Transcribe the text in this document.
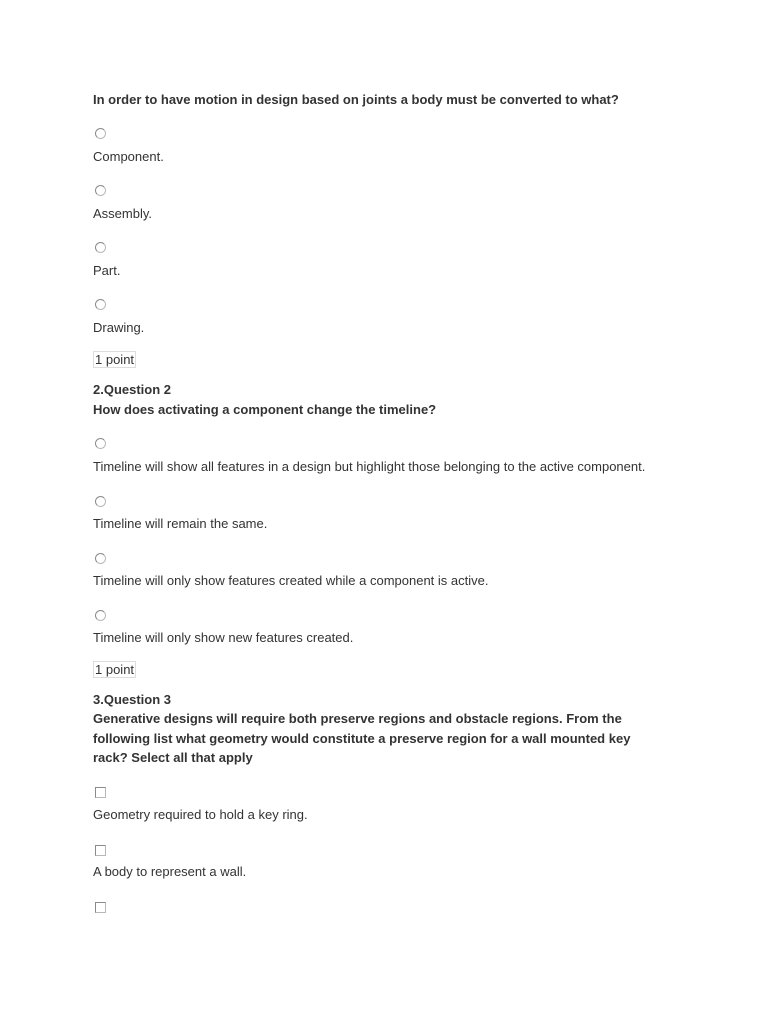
In order to have motion in design based on joints a body must be converted to what?
Component.
Assembly.
Part.
Drawing.
1 point
2.Question 2
How does activating a component change the timeline?
Timeline will show all features in a design but highlight those belonging to the active component.
Timeline will remain the same.
Timeline will only show features created while a component is active.
Timeline will only show new features created.
1 point
3.Question 3
Generative designs will require both preserve regions and obstacle regions. From the following list what geometry would constitute a preserve region for a wall mounted key rack? Select all that apply
Geometry required to hold a key ring.
A body to represent a wall.
